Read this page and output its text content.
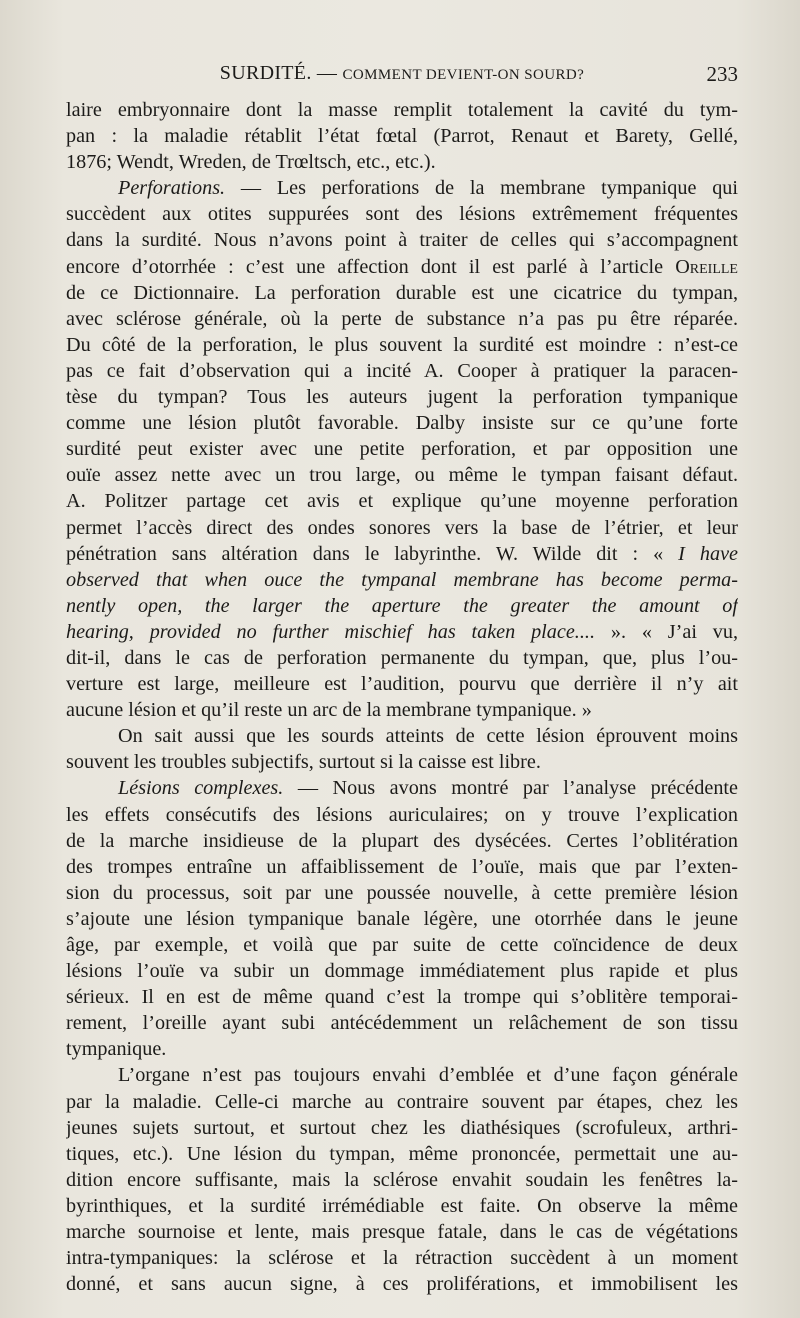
SURDITÉ. — COMMENT DEVIENT-ON SOURD?	233
laire embryonnaire dont la masse remplit totalement la cavité du tym-
pan : la maladie rétablit l’état fœtal (Parrot, Renaut et Barety, Gellé,
1876; Wendt, Wreden, de Trœltsch, etc., etc.).
Perforations. — Les perforations de la membrane tympanique qui
succèdent aux otites suppurées sont des lésions extrêmement fréquentes
dans la surdité. Nous n’avons point à traiter de celles qui s’accompagnent
encore d’otorrhée : c’est une affection dont il est parlé à l’article Oreille
de ce Dictionnaire. La perforation durable est une cicatrice du tympan,
avec sclérose générale, où la perte de substance n’a pas pu être réparée.
Du côté de la perforation, le plus souvent la surdité est moindre : n’est-ce
pas ce fait d’observation qui a incité A. Cooper à pratiquer la paracen-
tèse du tympan? Tous les auteurs jugent la perforation tympanique
comme une lésion plutôt favorable. Dalby insiste sur ce qu’une forte
surdité peut exister avec une petite perforation, et par opposition une
ouïe assez nette avec un trou large, ou même le tympan faisant défaut.
A. Politzer partage cet avis et explique qu’une moyenne perforation
permet l’accès direct des ondes sonores vers la base de l’étrier, et leur
pénétration sans altération dans le labyrinthe. W. Wilde dit : « I have
observed that when ouce the tympanal membrane has become perma-
nently open, the larger the aperture the greater the amount of
hearing, provided no further mischief has taken place.... ». « J’ai vu,
dit-il, dans le cas de perforation permanente du tympan, que, plus l’ou-
verture est large, meilleure est l’audition, pourvu que derrière il n’y ait
aucune lésion et qu’il reste un arc de la membrane tympanique. »
On sait aussi que les sourds atteints de cette lésion éprouvent moins
souvent les troubles subjectifs, surtout si la caisse est libre.
Lésions complexes. — Nous avons montré par l’analyse précédente
les effets consécutifs des lésions auriculaires; on y trouve l’explication
de la marche insidieuse de la plupart des dysécées. Certes l’oblitération
des trompes entraîne un affaiblissement de l’ouïe, mais que par l’exten-
sion du processus, soit par une poussée nouvelle, à cette première lésion
s’ajoute une lésion tympanique banale légère, une otorrhée dans le jeune
âge, par exemple, et voilà que par suite de cette coïncidence de deux
lésions l’ouïe va subir un dommage immédiatement plus rapide et plus
sérieux. Il en est de même quand c’est la trompe qui s’oblitère temporai-
rement, l’oreille ayant subi antécédemment un relâchement de son tissu
tympanique.
L’organe n’est pas toujours envahi d’emblée et d’une façon générale
par la maladie. Celle-ci marche au contraire souvent par étapes, chez les
jeunes sujets surtout, et surtout chez les diathésiques (scrofuleux, arthri-
tiques, etc.). Une lésion du tympan, même prononcée, permettait une au-
dition encore suffisante, mais la sclérose envahit soudain les fenêtres la-
byrinthiques, et la surdité irrémédiable est faite. On observe la même
marche sournoise et lente, mais presque fatale, dans le cas de végétations
intra-tympaniques: la sclérose et la rétraction succèdent à un moment
donné, et sans aucun signe, à ces proliférations, et immobilisent les
